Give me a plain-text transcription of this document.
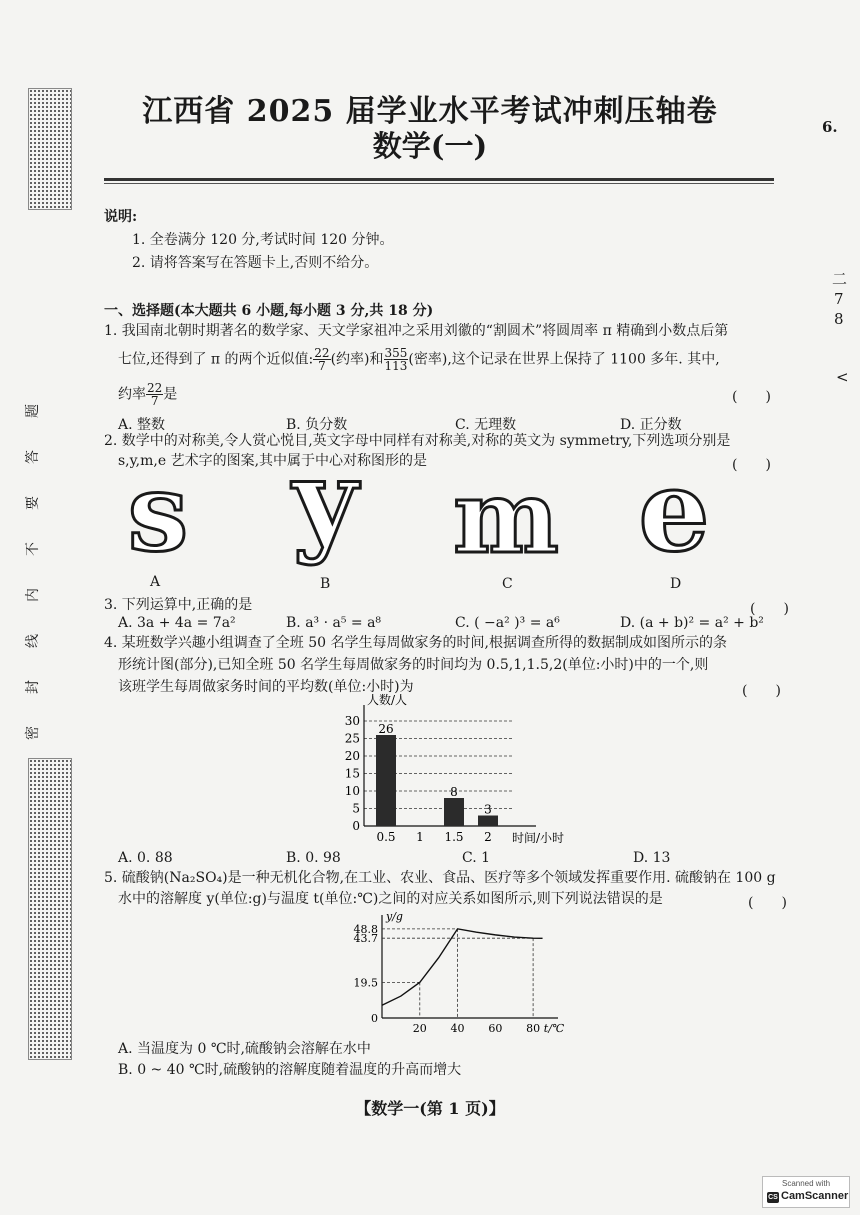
题
答
要
不
内
线
封
密
6.
二
7
8
<
江西省 2025 届学业水平考试冲刺压轴卷
数学(一)
说明:
1. 全卷满分 120 分,考试时间 120 分钟。
2. 请将答案写在答题卡上,否则不给分。
一、选择题(本大题共 6 小题,每小题 3 分,共 18 分)
1. 我国南北朝时期著名的数学家、天文学家祖冲之采用刘徽的“割圆术”将圆周率 π 精确到小数点后第
七位,还得到了 π 的两个近似值: $\frac{22}{7}$ (约率)和 $\frac{355}{113}$ (密率),这个记录在世界上保持了 1100 多年. 其中,
约率 $\frac{22}{7}$ 是	(　　)
A. 整数	B. 负分数	C. 无理数	D. 正分数
2. 数学中的对称美,令人赏心悦目,英文字母中同样有对称美,对称的英文为 symmetry,下列选项分别是
s,y,m,e 艺术字的图案,其中属于中心对称图形的是	(　　)
s y m e
A	B	C	D
3. 下列运算中,正确的是	(　　)
A. 3a + 4a = 7a²	B. a³ · a⁵ = a⁸	C. ( −a² )³ = a⁶	D. (a + b)² = a² + b²
4. 某班数学兴趣小组调查了全班 50 名学生每周做家务的时间,根据调查所得的数据制成如图所示的条
形统计图(部分),已知全班 50 名学生每周做家务的时间均为 0.5,1,1.5,2(单位:小时)中的一个,则
该班学生每周做家务时间的平均数(单位:小时)为	(　　)
0
5
10
15
20
25
30
人数/人
时间/小时
0.5
26
1 1.5
8
2
3
A. 0. 88	B. 0. 98	C. 1	D. 13
5. 硫酸钠(Na₂SO₄)是一种无机化合物,在工业、农业、食品、医疗等多个领域发挥重要作用. 硫酸钠在 100 g
水中的溶解度 y(单位:g)与温度 t(单位:℃)之间的对应关系如图所示,则下列说法错误的是	(　　)
y/g
t/℃
20 40 60 80
0
19.5
43.7
48.8
A. 当温度为 0 ℃时,硫酸钠会溶解在水中
B. 0 ~ 40 ℃时,硫酸钠的溶解度随着温度的升高而增大
【数学一(第 1 页)】
Scanned with
CS CamScanner
